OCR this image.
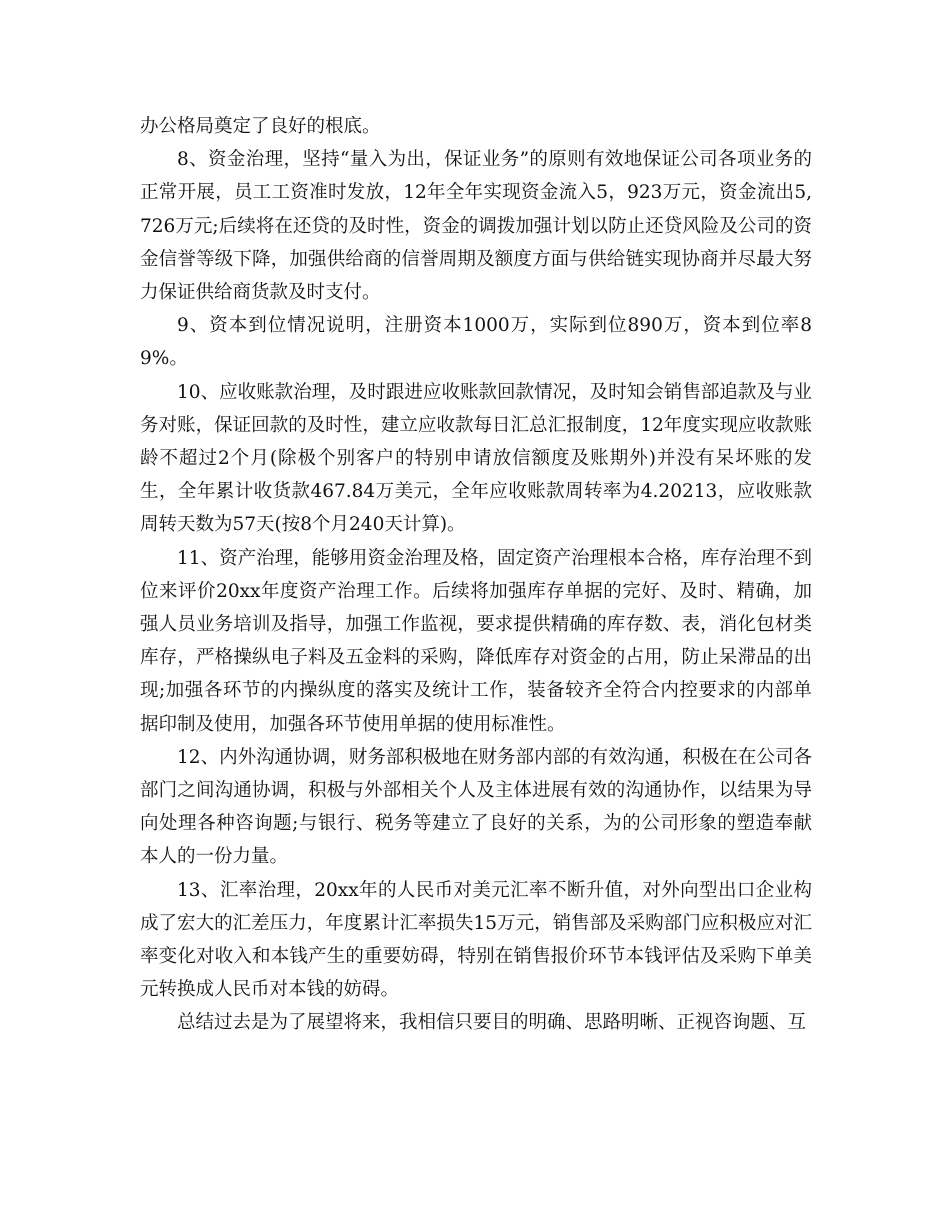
办公格局奠定了良好的根底。

8、资金治理，坚持“量入为出，保证业务”的原则有效地保证公司各项业务的正常开展，员工工资准时发放，12年全年实现资金流入5，923万元，资金流出5,726万元;后续将在还贷的及时性，资金的调拨加强计划以防止还贷风险及公司的资金信誉等级下降，加强供给商的信誉周期及额度方面与供给链实现协商并尽最大努力保证供给商货款及时支付。

9、资本到位情况说明，注册资本1000万，实际到位890万，资本到位率89%。

10、应收账款治理，及时跟进应收账款回款情况，及时知会销售部追款及与业务对账，保证回款的及时性，建立应收款每日汇总汇报制度，12年度实现应收款账龄不超过2个月(除极个别客户的特别申请放信额度及账期外)并没有呆坏账的发生，全年累计收货款467.84万美元，全年应收账款周转率为4.20213，应收账款周转天数为57天(按8个月240天计算)。

11、资产治理，能够用资金治理及格，固定资产治理根本合格，库存治理不到位来评价20xx年度资产治理工作。后续将加强库存单据的完好、及时、精确，加强人员业务培训及指导，加强工作监视，要求提供精确的库存数、表，消化包材类库存，严格操纵电子料及五金料的采购，降低库存对资金的占用，防止呆滞品的出现;加强各环节的内操纵度的落实及统计工作，装备较齐全符合内控要求的内部单据印制及使用，加强各环节使用单据的使用标准性。

12、内外沟通协调，财务部积极地在财务部内部的有效沟通，积极在在公司各部门之间沟通协调，积极与外部相关个人及主体进展有效的沟通协作，以结果为导向处理各种咨询题;与银行、税务等建立了良好的关系，为的公司形象的塑造奉献本人的一份力量。

13、汇率治理，20xx年的人民币对美元汇率不断升值，对外向型出口企业构成了宏大的汇差压力，年度累计汇率损失15万元，销售部及采购部门应积极应对汇率变化对收入和本钱产生的重要妨碍，特别在销售报价环节本钱评估及采购下单美元转换成人民币对本钱的妨碍。

总结过去是为了展望将来，我相信只要目的明确、思路明晰、正视咨询题、互
